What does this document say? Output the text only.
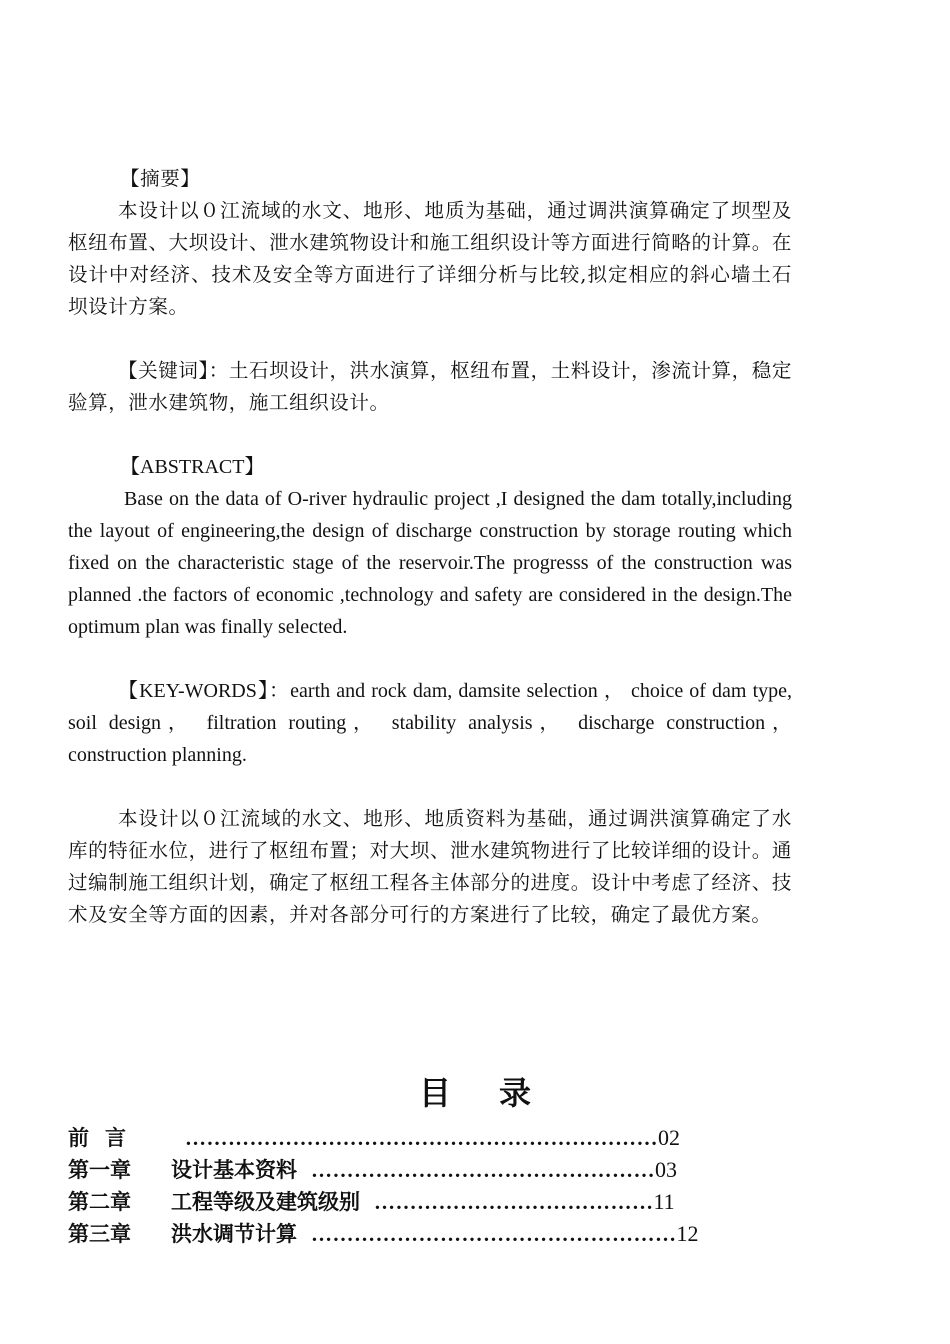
【摘要】
本设计以０江流域的水文、地形、地质为基础，通过调洪演算确定了坝型及枢纽布置、大坝设计、泄水建筑物设计和施工组织设计等方面进行简略的计算。在设计中对经济、技术及安全等方面进行了详细分析与比较,拟定相应的斜心墙土石坝设计方案。

【关键词】：土石坝设计，洪水演算，枢纽布置，土料设计，渗流计算，稳定验算，泄水建筑物，施工组织设计。

【ABSTRACT】
Base on the data of O-river hydraulic project ,I designed the dam totally,including the layout of engineering,the design of discharge construction by storage routing which fixed on the characteristic stage of the reservoir.The progresss of the construction was planned .the factors of economic ,technology and safety are considered in the design.The optimum plan was finally selected.

【KEY-WORDS】：earth and rock dam, damsite selection ， choice of dam type, soil design， filtration routing， stability analysis， discharge construction，construction planning.

本设计以０江流域的水文、地形、地质资料为基础，通过调洪演算确定了水库的特征水位，进行了枢纽布置；对大坝、泄水建筑物进行了比较详细的设计。通过编制施工组织计划，确定了枢纽工程各主体部分的进度。设计中考虑了经济、技术及安全等方面的因素，并对各部分可行的方案进行了比较，确定了最优方案。

目录
前言	………………………………………………………… 02
第一章	设计基本资料 ………………………………………… 03
第二章	工程等级及建筑级别 ………………………………… 11
第三章	洪水调节计算 …………………………………………… 12
